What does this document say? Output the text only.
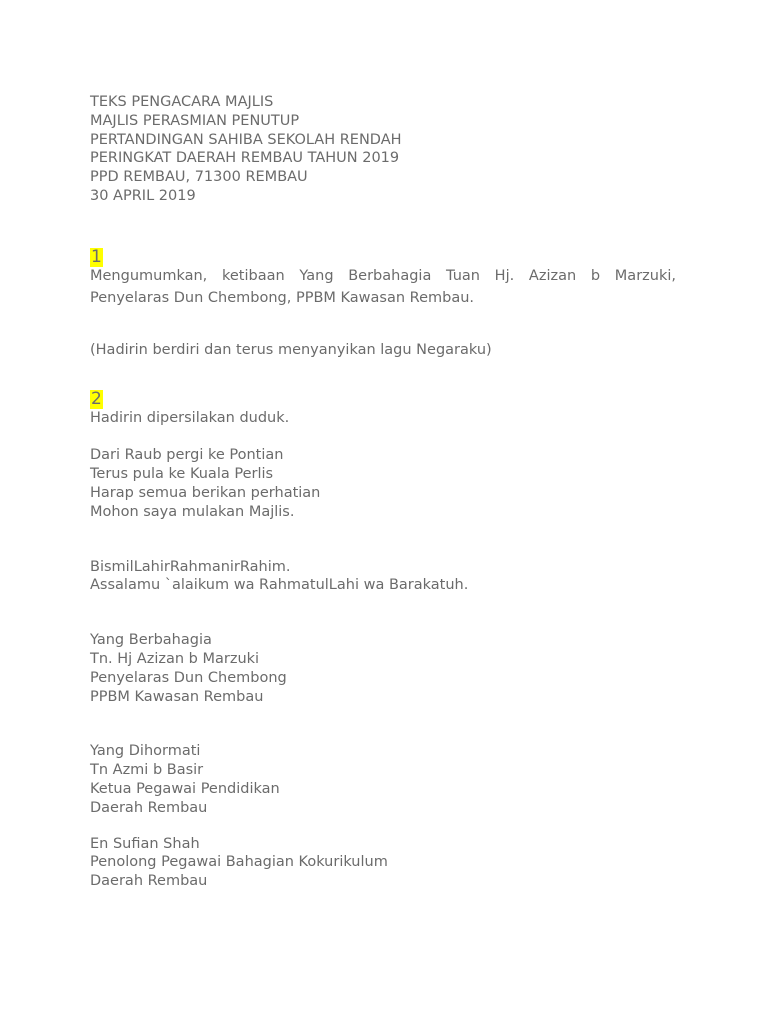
TEKS PENGACARA MAJLIS
MAJLIS PERASMIAN PENUTUP
PERTANDINGAN SAHIBA SEKOLAH RENDAH
PERINGKAT DAERAH REMBAU TAHUN 2019
PPD REMBAU, 71300 REMBAU
30 APRIL 2019
1
Mengumumkan, ketibaan Yang Berbahagia Tuan Hj. Azizan b Marzuki, Penyelaras Dun Chembong, PPBM Kawasan Rembau.
(Hadirin berdiri dan terus menyanyikan lagu Negaraku)
2
Hadirin dipersilakan duduk.
Dari Raub pergi ke Pontian
Terus pula ke Kuala Perlis
Harap semua berikan perhatian
Mohon saya mulakan Majlis.
BismilLahirRahmanirRahim.
Assalamu `alaikum wa RahmatulLahi wa Barakatuh.
Yang Berbahagia
Tn. Hj Azizan b Marzuki
Penyelaras Dun Chembong
PPBM Kawasan Rembau
Yang Dihormati
Tn Azmi b Basir
Ketua Pegawai Pendidikan
Daerah Rembau
En Sufian Shah
Penolong Pegawai Bahagian Kokurikulum
Daerah Rembau
